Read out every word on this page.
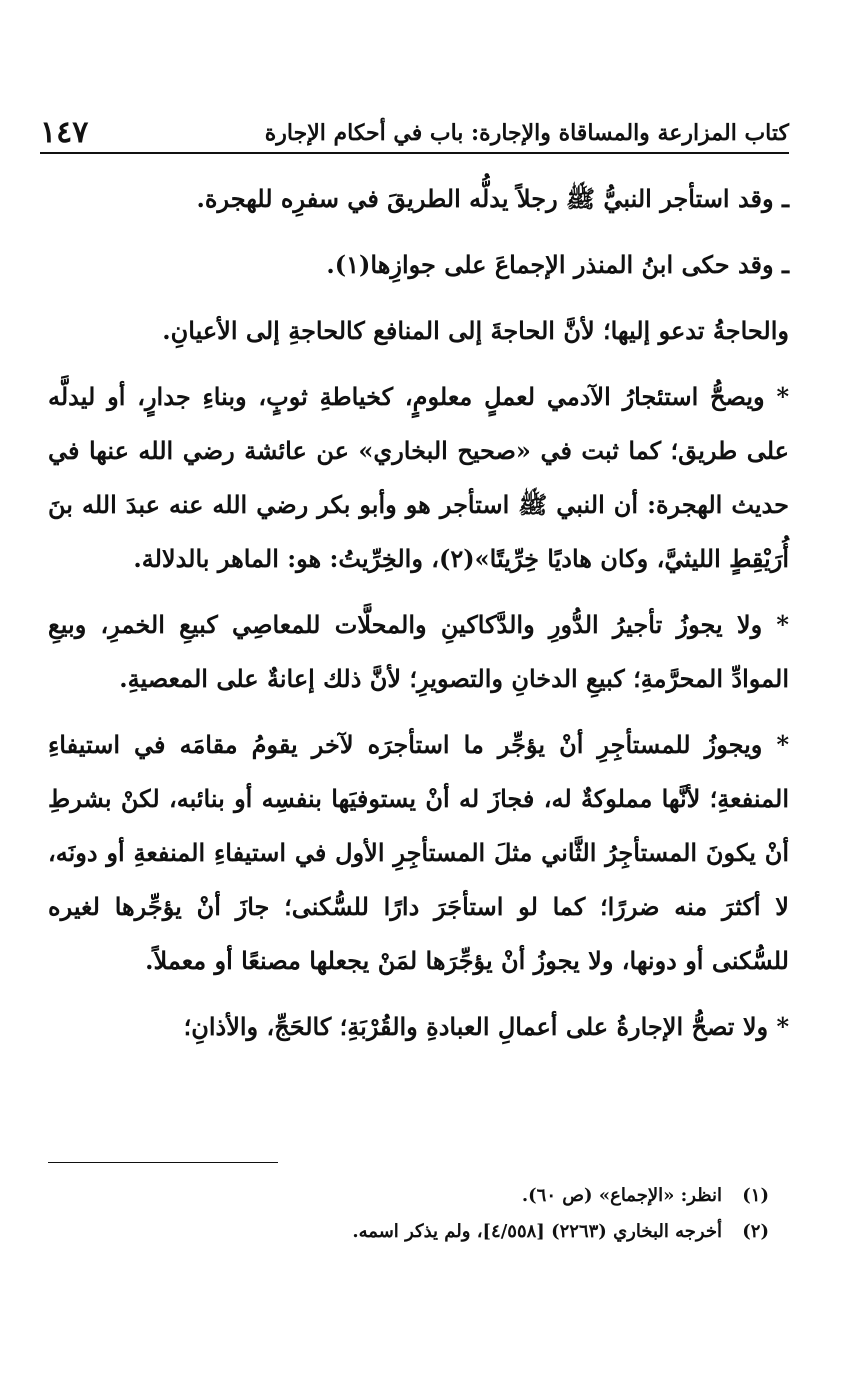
كتاب المزارعة والمساقاة والإجارة: باب في أحكام الإجارة
١٤٧

ـ وقد استأجر النبيُّ ﷺ رجلاً يدلُّه الطريقَ في سفرِه للهجرة.

ـ وقد حكى ابنُ المنذر الإجماعَ على جوازِها(١).

والحاجةُ تدعو إليها؛ لأنَّ الحاجةَ إلى المنافع كالحاجةِ إلى الأعيانِ.

* ويصحُّ استئجارُ الآدمي لعملٍ معلومٍ، كخياطةِ ثوبٍ، وبناءِ جدارٍ، أو ليدلَّه على طريق؛ كما ثبت في «صحيح البخاري» عن عائشة رضي الله عنها في حديث الهجرة: أن النبي ﷺ استأجر هو وأبو بكر رضي الله عنه عبدَ الله بنَ أُرَيْقِطٍ الليثيَّ، وكان هاديًا خِرِّيتًا»(٢)، والخِرِّيتُ: هو: الماهر بالدلالة.

* ولا يجوزُ تأجيرُ الدُّورِ والدَّكاكينِ والمحلَّات للمعاصِي كبيعِ الخمرِ، وبيعِ الموادِّ المحرَّمةِ؛ كبيعِ الدخانِ والتصويرِ؛ لأنَّ ذلك إعانةٌ على المعصيةِ.

* ويجوزُ للمستأجِرِ أنْ يؤجِّر ما استأجرَه لآخر يقومُ مقامَه في استيفاءِ المنفعةِ؛ لأنَّها مملوكةٌ له، فجازَ له أنْ يستوفيَها بنفسِه أو بنائبه، لكنْ بشرطِ أنْ يكونَ المستأجِرُ الثَّاني مثلَ المستأجِرِ الأول في استيفاءِ المنفعةِ أو دونَه، لا أكثرَ منه ضررًا؛ كما لو استأجَرَ دارًا للسُّكنى؛ جازَ أنْ يؤجِّرها لغيره للسُّكنى أو دونها، ولا يجوزُ أنْ يؤجِّرَها لمَنْ يجعلها مصنعًا أو معملاً.

* ولا تصحُّ الإجارةُ على أعمالِ العبادةِ والقُرْبَةِ؛ كالحَجِّ، والأذانِ؛

(١) انظر: «الإجماع» (ص ٦٠).

(٢) أخرجه البخاري (٢٢٦٣) [٤/٥٥٨]، ولم يذكر اسمه.
